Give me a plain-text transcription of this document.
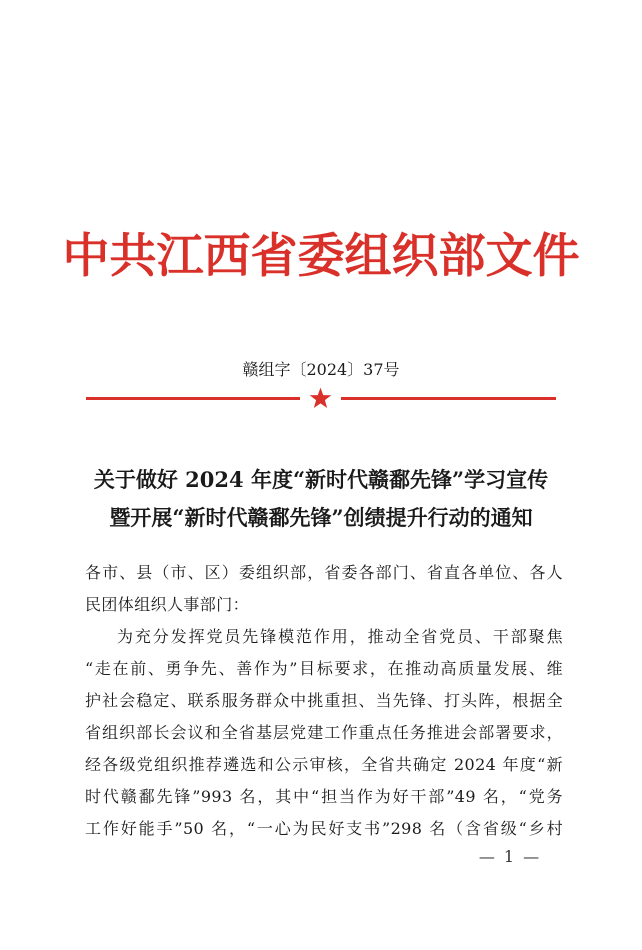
中共江西省委组织部文件
赣组字〔2024〕37号
关于做好 2024 年度“新时代赣鄱先锋”学习宣传
暨开展“新时代赣鄱先锋”创绩提升行动的通知
各市、县（市、区）委组织部，省委各部门、省直各单位、各人
民团体组织人事部门：
为充分发挥党员先锋模范作用，推动全省党员、干部聚焦
“走在前、勇争先、善作为”目标要求，在推动高质量发展、维
护社会稳定、联系服务群众中挑重担、当先锋、打头阵，根据全
省组织部长会议和全省基层党建工作重点任务推进会部署要求，
经各级党组织推荐遴选和公示审核，全省共确定 2024 年度“新
时代赣鄱先锋”993 名，其中“担当作为好干部”49 名，“党务
工作好能手”50 名，“一心为民好支书”298 名（含省级“乡村
— 1 —
